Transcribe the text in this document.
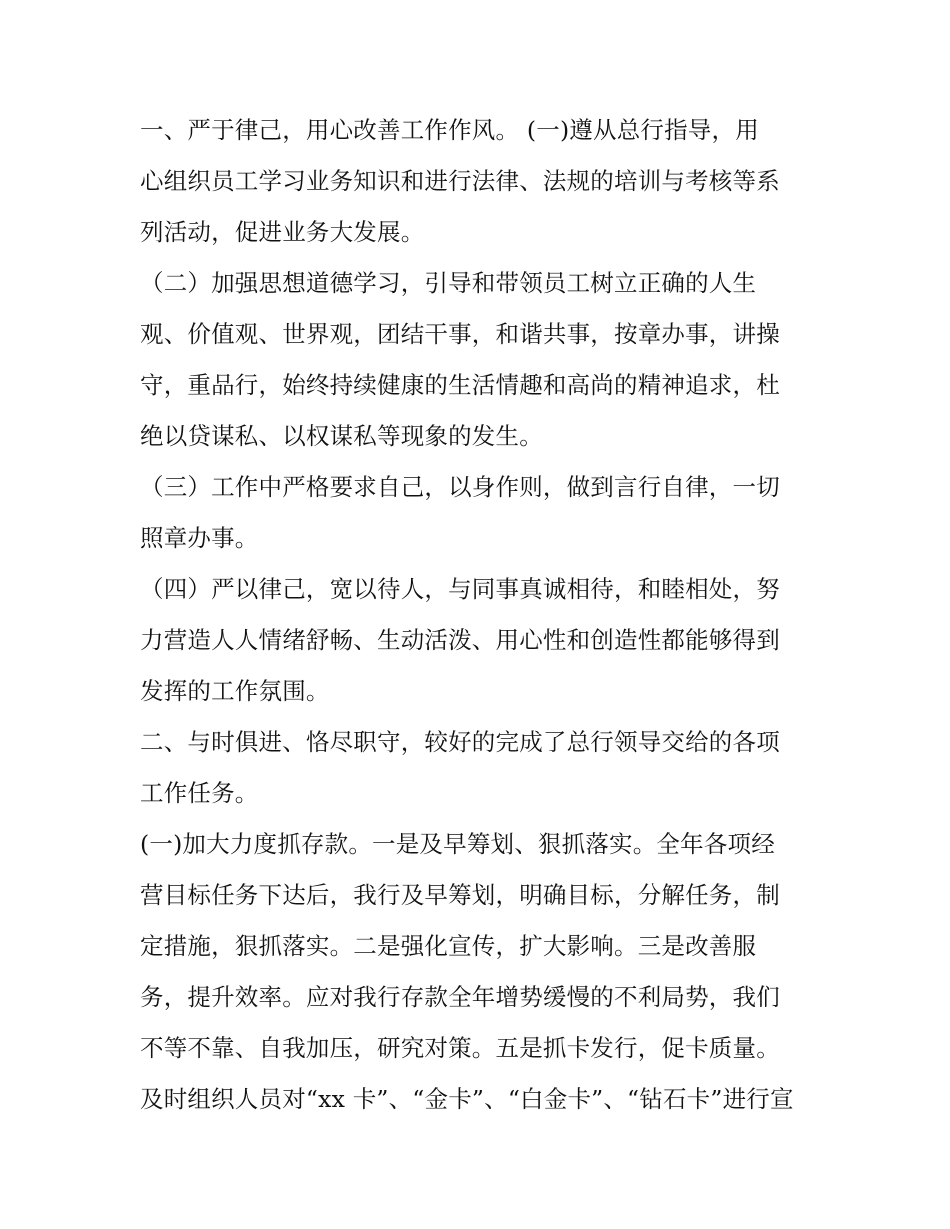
一、严于律己，用心改善工作作风。 (一)遵从总行指导，用
心组织员工学习业务知识和进行法律、法规的培训与考核等系
列活动，促进业务大发展。
（二）加强思想道德学习，引导和带领员工树立正确的人生
观、价值观、世界观，团结干事，和谐共事，按章办事，讲操
守，重品行，始终持续健康的生活情趣和高尚的精神追求，杜
绝以贷谋私、以权谋私等现象的发生。
（三）工作中严格要求自己，以身作则，做到言行自律，一切
照章办事。
（四）严以律己，宽以待人，与同事真诚相待，和睦相处，努
力营造人人情绪舒畅、生动活泼、用心性和创造性都能够得到
发挥的工作氛围。
二、与时俱进、恪尽职守，较好的完成了总行领导交给的各项
工作任务。
(一)加大力度抓存款。一是及早筹划、狠抓落实。全年各项经
营目标任务下达后，我行及早筹划，明确目标，分解任务，制
定措施，狠抓落实。二是强化宣传，扩大影响。三是改善服
务，提升效率。应对我行存款全年增势缓慢的不利局势，我们
不等不靠、自我加压，研究对策。五是抓卡发行，促卡质量。
及时组织人员对“xx 卡”、“金卡”、“白金卡”、“钻石卡”进行宣
